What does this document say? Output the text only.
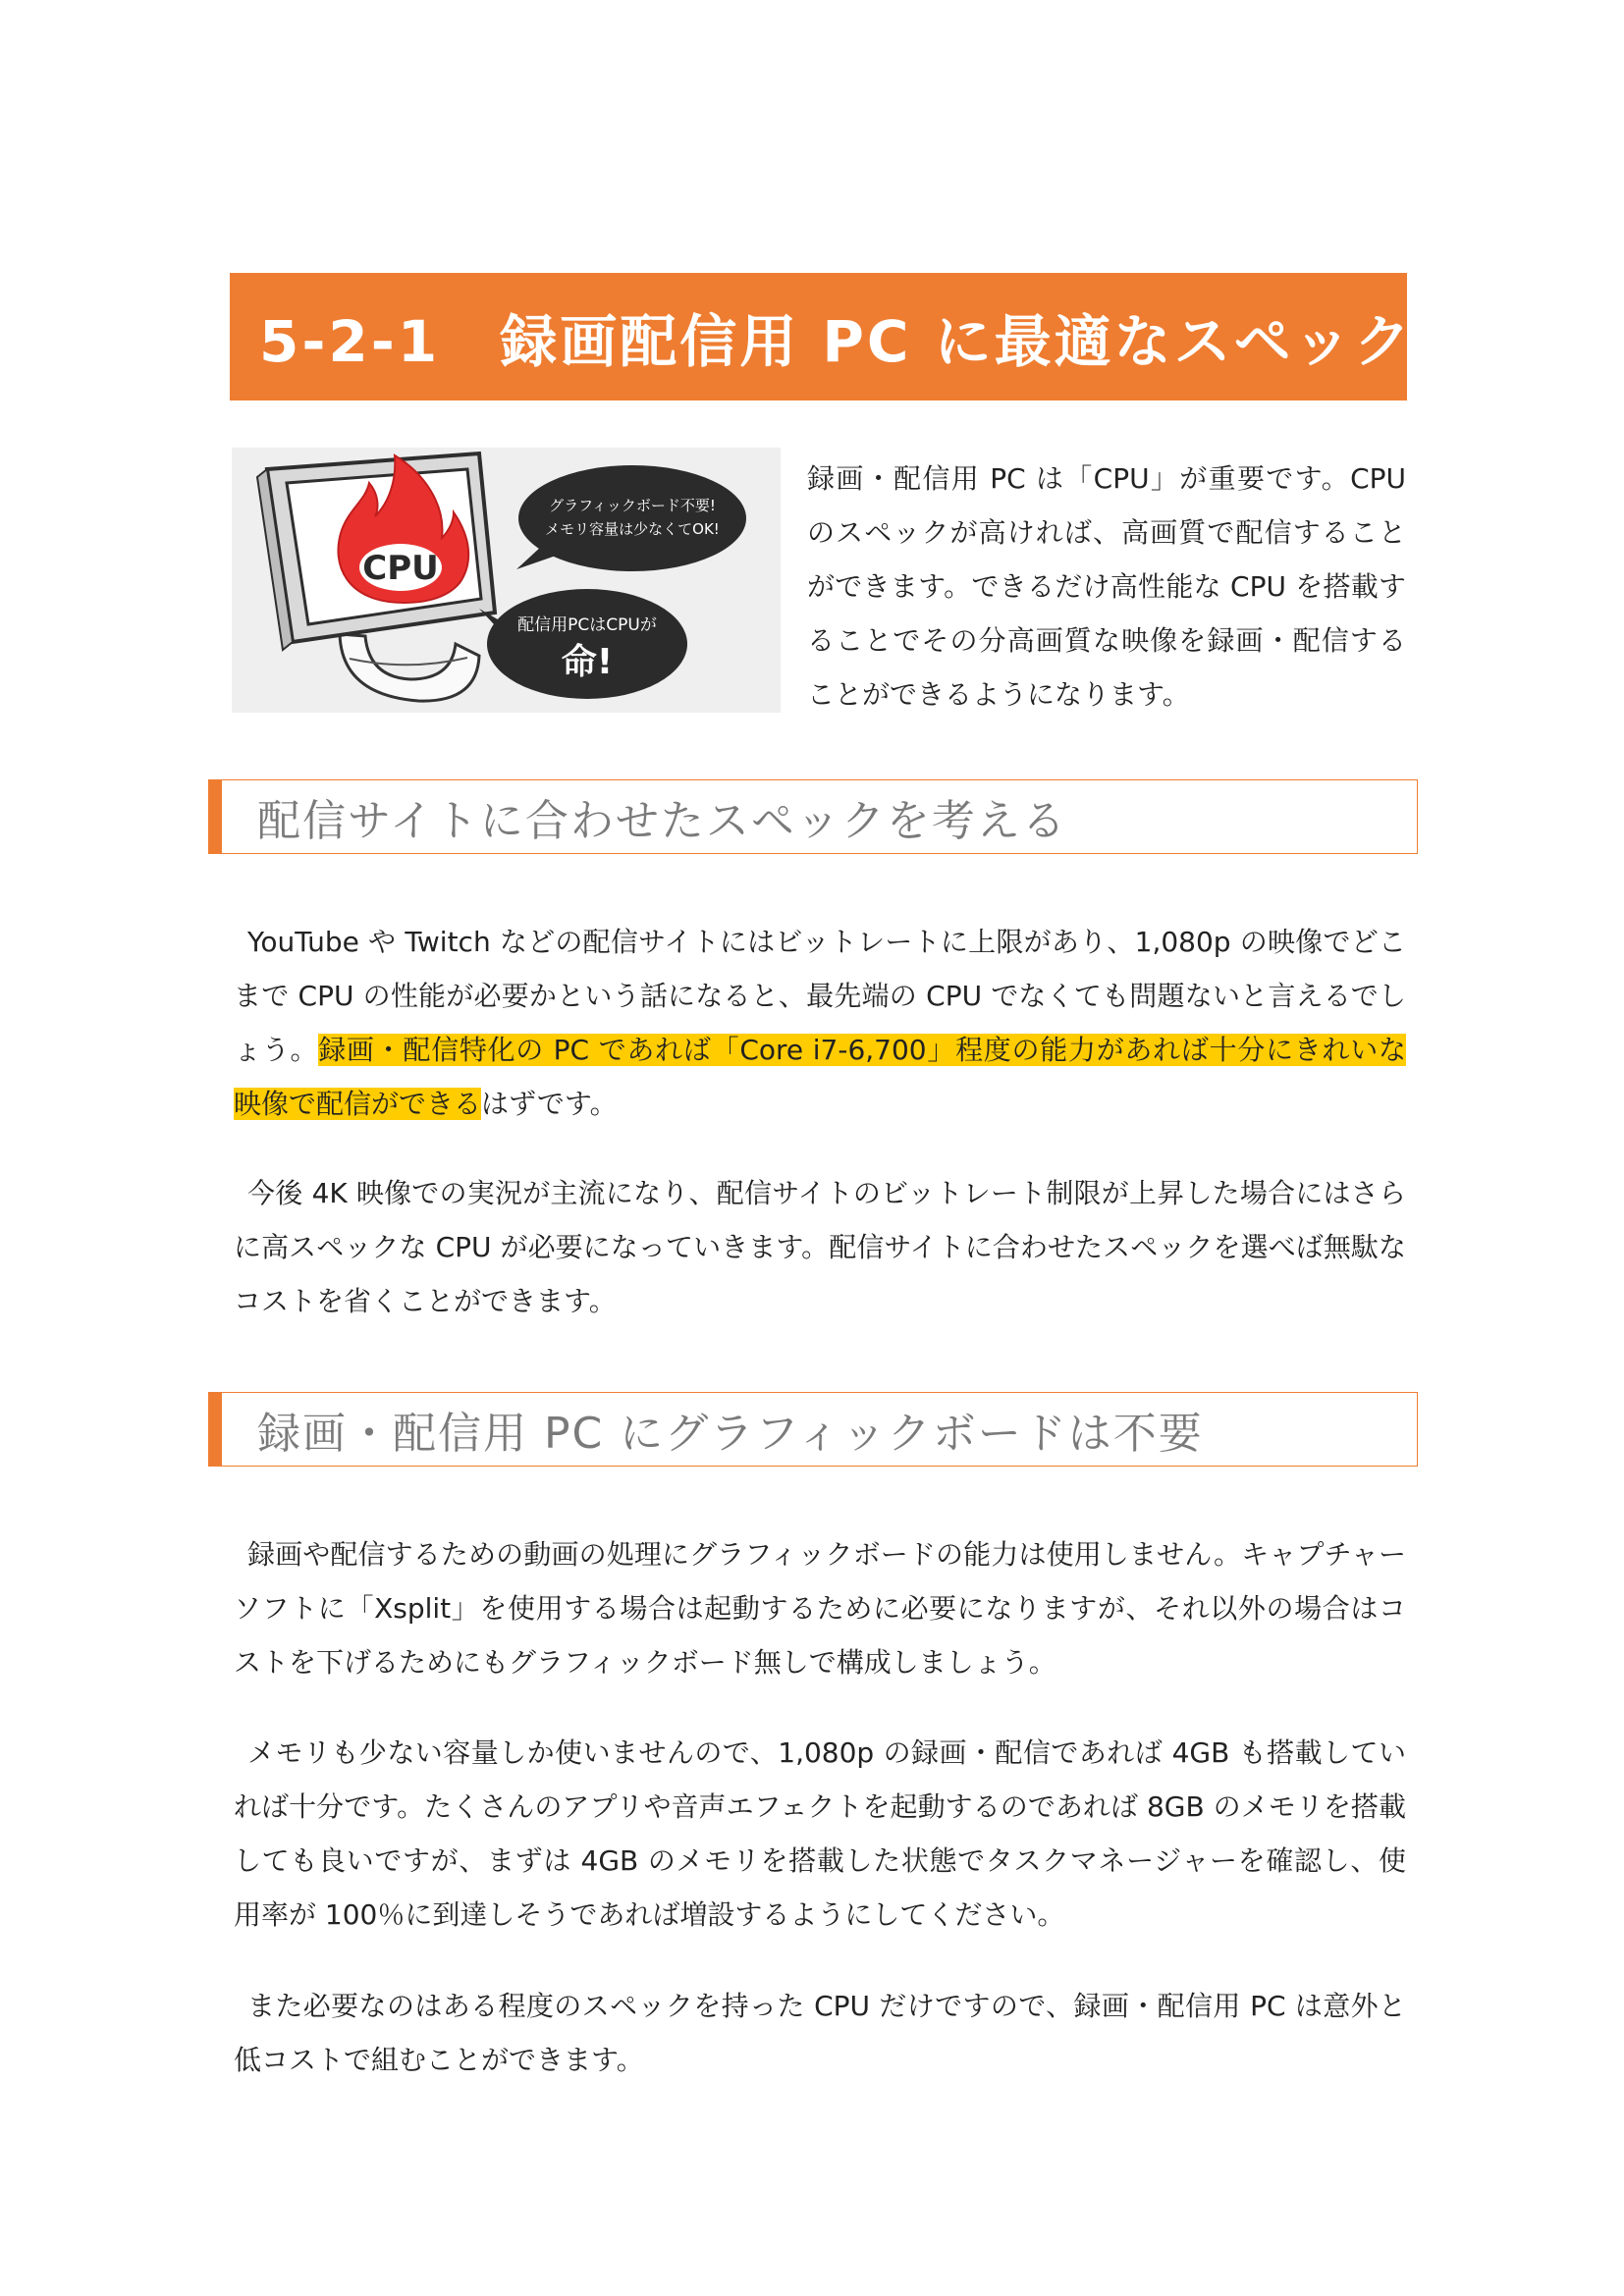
5-2-1　録画配信用 PC に最適なスペック
CPU
グラフィックボード不要!
メモリ容量は少なくてOK!
配信用PCはCPUが
命!
録画・配信用 PC は「CPU」が重要です。CPU のスペックが高ければ、高画質で配信することができます。できるだけ高性能な CPU を搭載することでその分高画質な映像を録画・配信することができるようになります。
配信サイトに合わせたスペックを考える
YouTube や Twitch などの配信サイトにはビットレートに上限があり、1,080p の映像でどこまで CPU の性能が必要かという話になると、最先端の CPU でなくても問題ないと言えるでしょう。録画・配信特化の PC であれば「Core i7-6,700」程度の能力があれば十分にきれいな映像で配信ができるはずです。
今後 4K 映像での実況が主流になり、配信サイトのビットレート制限が上昇した場合にはさらに高スペックな CPU が必要になっていきます。配信サイトに合わせたスペックを選べば無駄なコストを省くことができます。
録画・配信用 PC にグラフィックボードは不要
録画や配信するための動画の処理にグラフィックボードの能力は使用しません。キャプチャーソフトに「Xsplit」を使用する場合は起動するために必要になりますが、それ以外の場合はコストを下げるためにもグラフィックボード無しで構成しましょう。
メモリも少ない容量しか使いませんので、1,080p の録画・配信であれば 4GB も搭載していれば十分です。たくさんのアプリや音声エフェクトを起動するのであれば 8GB のメモリを搭載しても良いですが、まずは 4GB のメモリを搭載した状態でタスクマネージャーを確認し、使用率が 100％に到達しそうであれば増設するようにしてください。
また必要なのはある程度のスペックを持った CPU だけですので、録画・配信用 PC は意外と低コストで組むことができます。
